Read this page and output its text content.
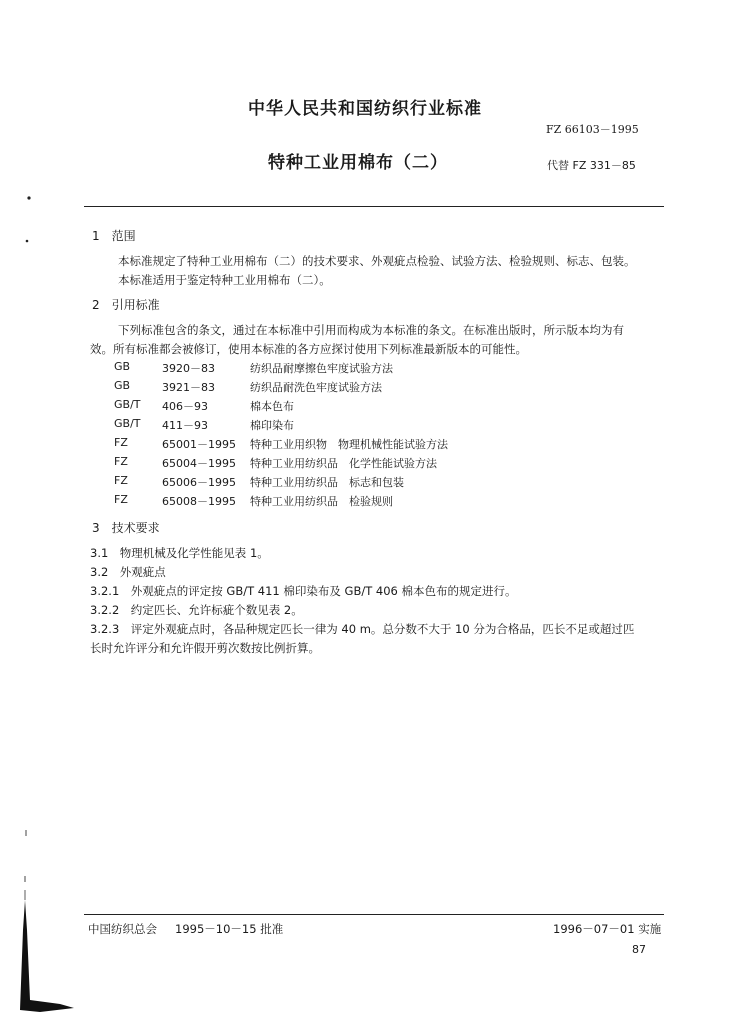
中华人民共和国纺织行业标准
FZ 66103－1995
特种工业用棉布（二）	代替 FZ 331－85
1　范围
本标准规定了特种工业用棉布（二）的技术要求、外观疵点检验、试验方法、检验规则、标志、包装。
本标准适用于鉴定特种工业用棉布（二）。
2　引用标准
下列标准包含的条文，通过在本标准中引用而构成为本标准的条文。在标准出版时，所示版本均为有
效。所有标准都会被修订，使用本标准的各方应探讨使用下列标准最新版本的可能性。
GB	3920－83	纺织品耐摩擦色牢度试验方法
GB	3921－83	纺织品耐洗色牢度试验方法
GB/T 406－93	棉本色布
GB/T 411－93	棉印染布
FZ	65001－1995 特种工业用织物　物理机械性能试验方法
FZ	65004－1995 特种工业用纺织品　化学性能试验方法
FZ	65006－1995 特种工业用纺织品　标志和包装
FZ	65008－1995 特种工业用纺织品　检验规则
3　技术要求
3.1　物理机械及化学性能见表 1。
3.2　外观疵点
3.2.1　外观疵点的评定按 GB/T 411 棉印染布及 GB/T 406 棉本色布的规定进行。
3.2.2　约定匹长、允许标疵个数见表 2。
3.2.3　评定外观疵点时，各品种规定匹长一律为 40 m。总分数不大于 10 分为合格品，匹长不足或超过匹
长时允许评分和允许假开剪次数按比例折算。
中国纺织总会 1995－10－15 批准	1996－07－01 实施
87
